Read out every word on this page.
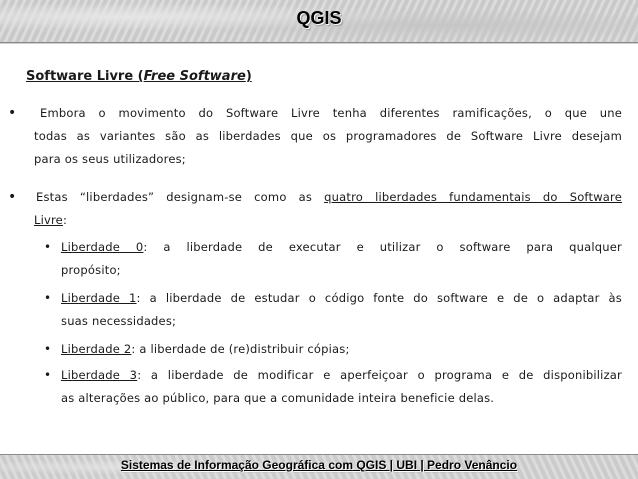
QGIS
Software Livre (Free Software)
•	Embora o movimento do Software Livre tenha diferentes ramificações, o que une
todas as variantes são as liberdades que os programadores de Software Livre desejam
para os seus utilizadores;
• Estas “liberdades” designam-se como as quatro liberdades fundamentais do Software
Livre:
• Liberdade 0: a liberdade de executar e utilizar o software para qualquer
propósito;
• Liberdade 1: a liberdade de estudar o código fonte do software e de o adaptar às
suas necessidades;
• Liberdade 2: a liberdade de (re)distribuir cópias;
• Liberdade 3: a liberdade de modificar e aperfeiçoar o programa e de disponibilizar
as alterações ao público, para que a comunidade inteira beneficie delas.
Sistemas de Informação Geográfica com QGIS | UBI | Pedro Venâncio
